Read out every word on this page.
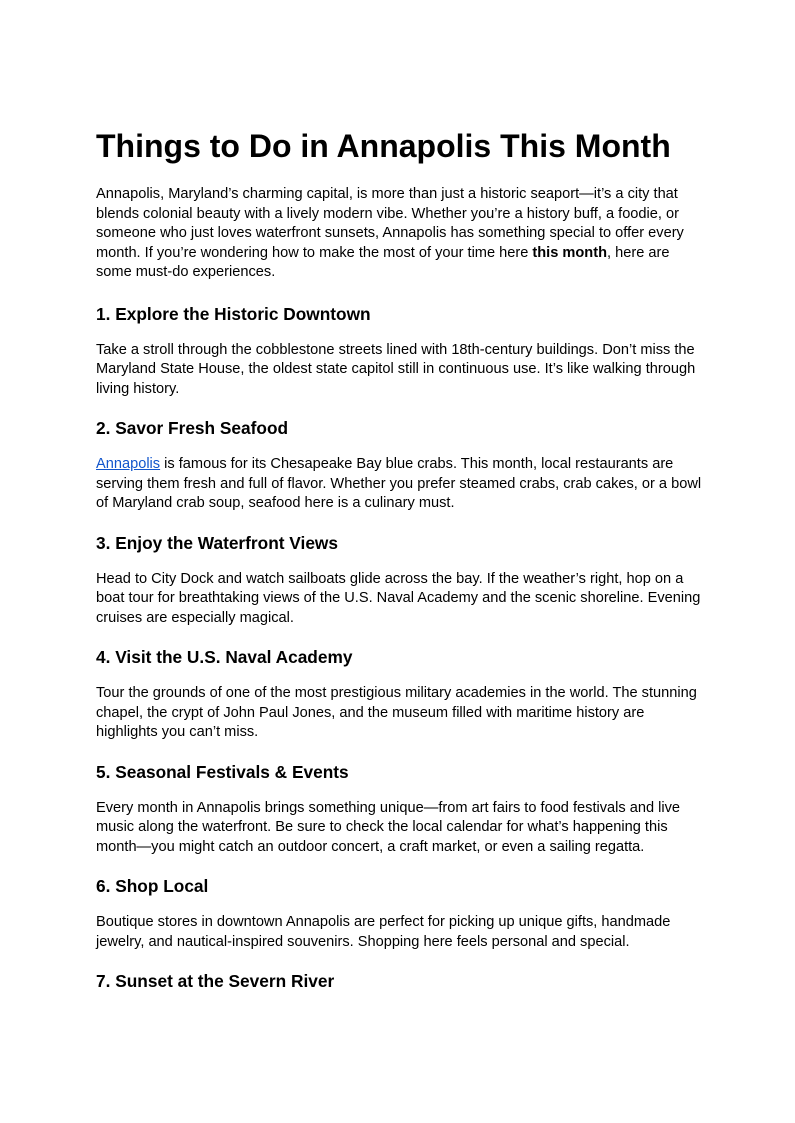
Things to Do in Annapolis This Month

Annapolis, Maryland’s charming capital, is more than just a historic seaport—it’s a city that blends colonial beauty with a lively modern vibe. Whether you’re a history buff, a foodie, or someone who just loves waterfront sunsets, Annapolis has something special to offer every month. If you’re wondering how to make the most of your time here this month, here are some must-do experiences.

1. Explore the Historic Downtown

Take a stroll through the cobblestone streets lined with 18th-century buildings. Don’t miss the Maryland State House, the oldest state capitol still in continuous use. It’s like walking through living history.

2. Savor Fresh Seafood

Annapolis is famous for its Chesapeake Bay blue crabs. This month, local restaurants are serving them fresh and full of flavor. Whether you prefer steamed crabs, crab cakes, or a bowl of Maryland crab soup, seafood here is a culinary must.

3. Enjoy the Waterfront Views

Head to City Dock and watch sailboats glide across the bay. If the weather’s right, hop on a boat tour for breathtaking views of the U.S. Naval Academy and the scenic shoreline. Evening cruises are especially magical.

4. Visit the U.S. Naval Academy

Tour the grounds of one of the most prestigious military academies in the world. The stunning chapel, the crypt of John Paul Jones, and the museum filled with maritime history are highlights you can’t miss.

5. Seasonal Festivals & Events

Every month in Annapolis brings something unique—from art fairs to food festivals and live music along the waterfront. Be sure to check the local calendar for what’s happening this month—you might catch an outdoor concert, a craft market, or even a sailing regatta.

6. Shop Local

Boutique stores in downtown Annapolis are perfect for picking up unique gifts, handmade jewelry, and nautical-inspired souvenirs. Shopping here feels personal and special.

7. Sunset at the Severn River
